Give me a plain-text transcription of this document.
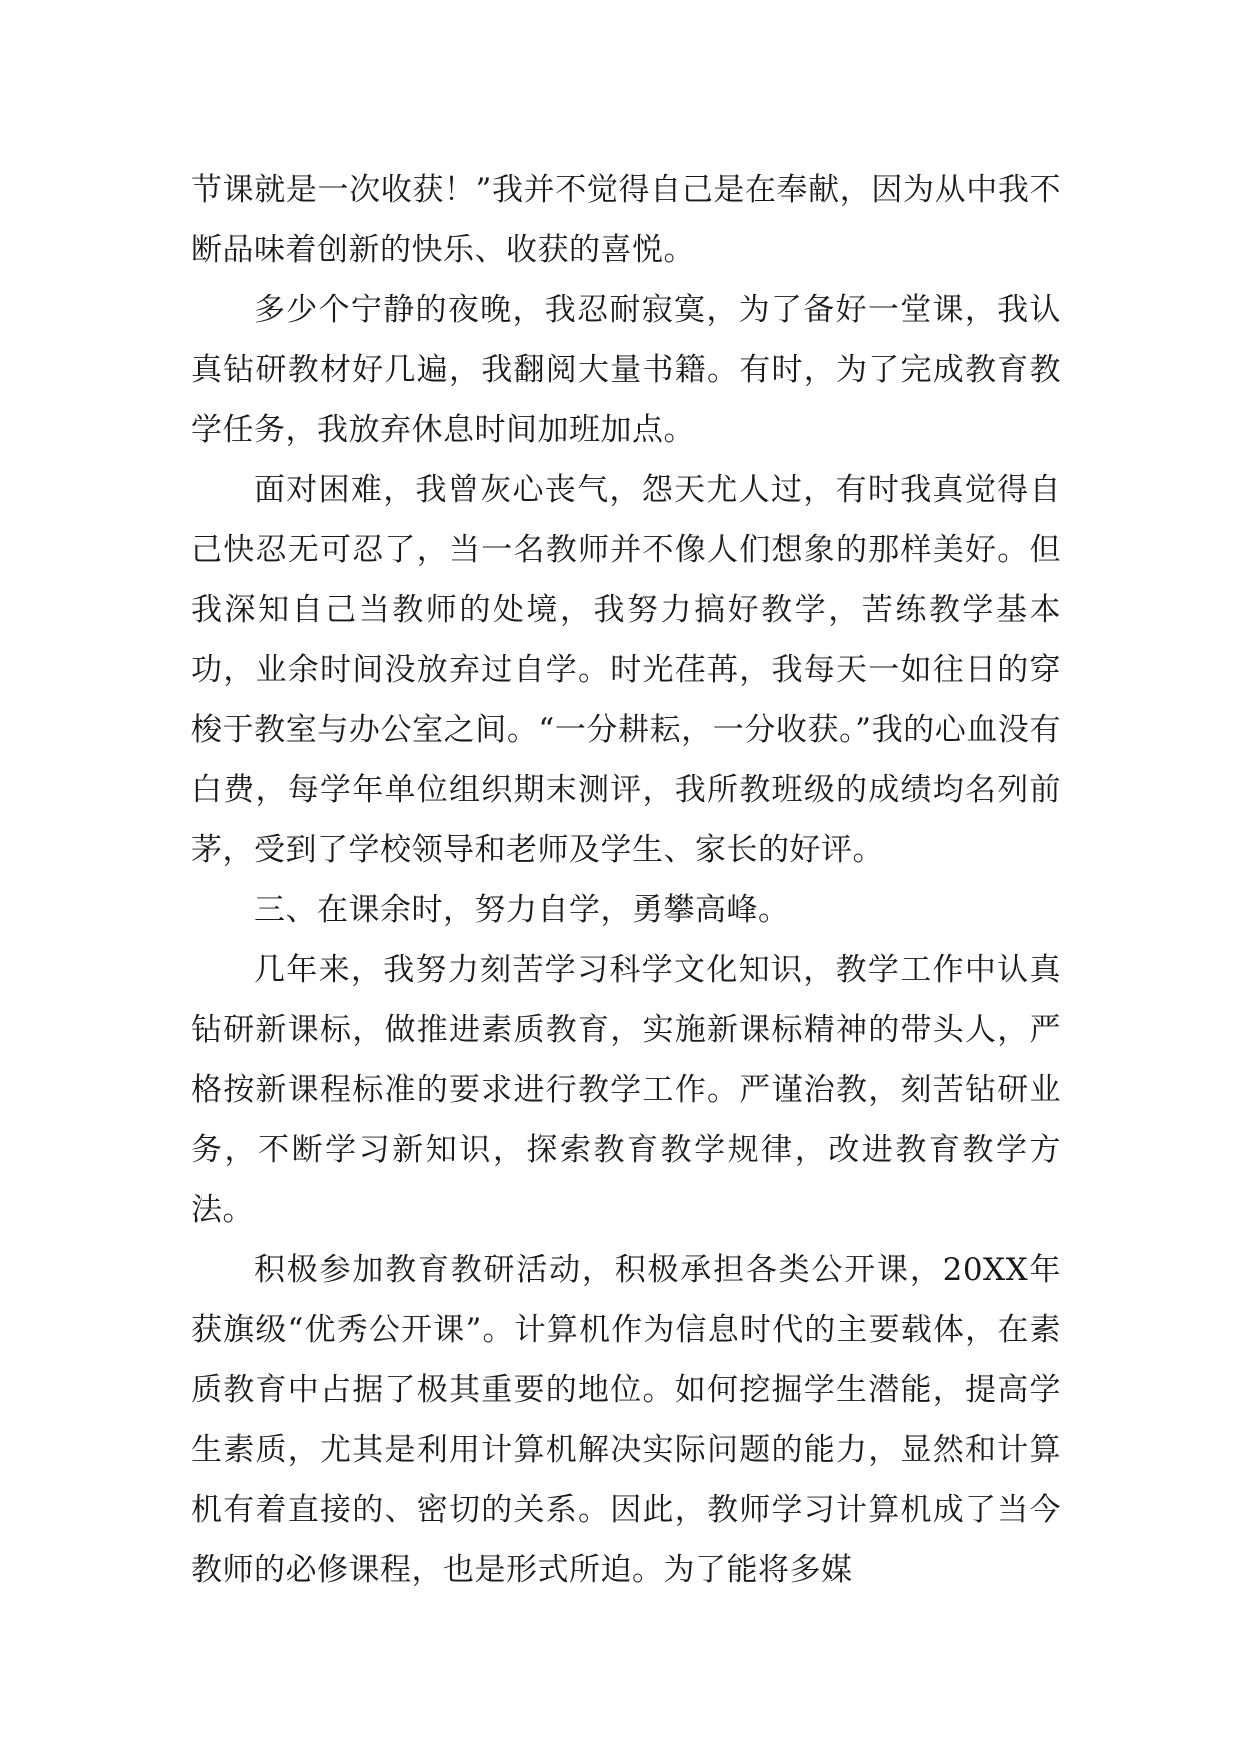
节课就是一次收获！”我并不觉得自己是在奉献，因为从中我不断品味着创新的快乐、收获的喜悦。

多少个宁静的夜晚，我忍耐寂寞，为了备好一堂课，我认真钻研教材好几遍，我翻阅大量书籍。有时，为了完成教育教学任务，我放弃休息时间加班加点。

面对困难，我曾灰心丧气，怨天尤人过，有时我真觉得自己快忍无可忍了，当一名教师并不像人们想象的那样美好。但我深知自己当教师的处境，我努力搞好教学，苦练教学基本功，业余时间没放弃过自学。时光荏苒，我每天一如往日的穿梭于教室与办公室之间。“一分耕耘，一分收获。”我的心血没有白费，每学年单位组织期末测评，我所教班级的成绩均名列前茅，受到了学校领导和老师及学生、家长的好评。

三、在课余时，努力自学，勇攀高峰。

几年来，我努力刻苦学习科学文化知识，教学工作中认真钻研新课标，做推进素质教育，实施新课标精神的带头人，严格按新课程标准的要求进行教学工作。严谨治教，刻苦钻研业务，不断学习新知识，探索教育教学规律，改进教育教学方法。

积极参加教育教研活动，积极承担各类公开课，20XX年获旗级“优秀公开课”。计算机作为信息时代的主要载体，在素质教育中占据了极其重要的地位。如何挖掘学生潜能，提高学生素质，尤其是利用计算机解决实际问题的能力，显然和计算机有着直接的、密切的关系。因此，教师学习计算机成了当今教师的必修课程，也是形式所迫。为了能将多媒
